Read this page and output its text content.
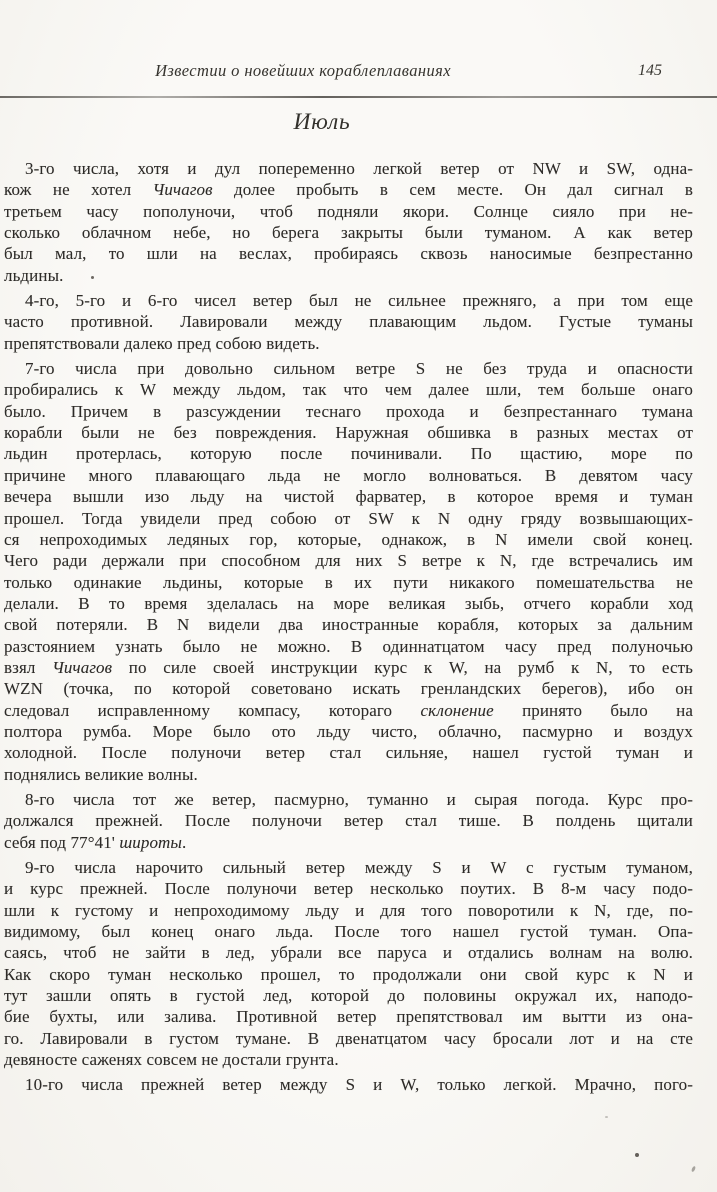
Известии о новейших кораблеплаваниях	145
Июль
3-го числа, хотя и дул попеременно легкой ветер от NW и SW, одна-
кож не хотел Чичагов долее пробыть в сем месте. Он дал сигнал в
третьем часу пополуночи, чтоб подняли якори. Солнце сияло при не-
сколько облачном небе, но берега закрыты были туманом. А как ветер
был мал, то шли на веслах, пробираясь сквозь наносимые безпрестанно
льдины.
4-го, 5-го и 6-го чисел ветер был не сильнее прежняго, а при том еще
часто противной. Лавировали между плавающим льдом. Густые туманы
препятствовали далеко пред собою видеть.
7-го числа при довольно сильном ветре S не без труда и опасности
пробирались к W между льдом, так что чем далее шли, тем больше онаго
было. Причем в разсуждении теснаго прохода и безпрестаннаго тумана
корабли были не без повреждения. Наружная обшивка в разных местах от
льдин протерлась, которую после починивали. По щастию, море по
причине много плавающаго льда не могло волноваться. В девятом часу
вечера вышли изо льду на чистой фарватер, в которое время и туман
прошел. Тогда увидели пред собою от SW к N одну гряду возвышающих-
ся непроходимых ледяных гор, которые, однакож, в N имели свой конец.
Чего ради держали при способном для них S ветре к N, где встречались им
только одинакие льдины, которые в их пути никакого помешательства не
делали. В то время зделалась на море великая зыбь, отчего корабли ход
свой потеряли. В N видели два иностранные корабля, которых за дальним
разстоянием узнать было не можно. В одиннатцатом часу пред полуночью
взял Чичагов по силе своей инструкции курс к W, на румб к N, то есть
WZN (точка, по которой советовано искать гренландских берегов), ибо он
следовал исправленному компасу, котораго склонение принято было на
полтора румба. Море было ото льду чисто, облачно, пасмурно и воздух
холодной. После полуночи ветер стал сильняе, нашел густой туман и
поднялись великие волны.
8-го числа тот же ветер, пасмурно, туманно и сырая погода. Курс про-
должался прежней. После полуночи ветер стал тише. В полдень щитали
себя под 77°41' широты.
9-го числа нарочито сильный ветер между S и W с густым туманом,
и курс прежней. После полуночи ветер несколько поутих. В 8-м часу подо-
шли к густому и непроходимому льду и для того поворотили к N, где, по-
видимому, был конец онаго льда. После того нашел густой туман. Опа-
саясь, чтоб не зайти в лед, убрали все паруса и отдались волнам на волю.
Как скоро туман несколько прошел, то продолжали они свой курс к N и
тут зашли опять в густой лед, которой до половины окружал их, наподо-
бие бухты, или залива. Противной ветер препятствовал им вытти из она-
го. Лавировали в густом тумане. В двенатцатом часу бросали лот и на сте
девяносте саженях совсем не достали грунта.
10-го числа прежней ветер между S и W, только легкой. Мрачно, пого-
